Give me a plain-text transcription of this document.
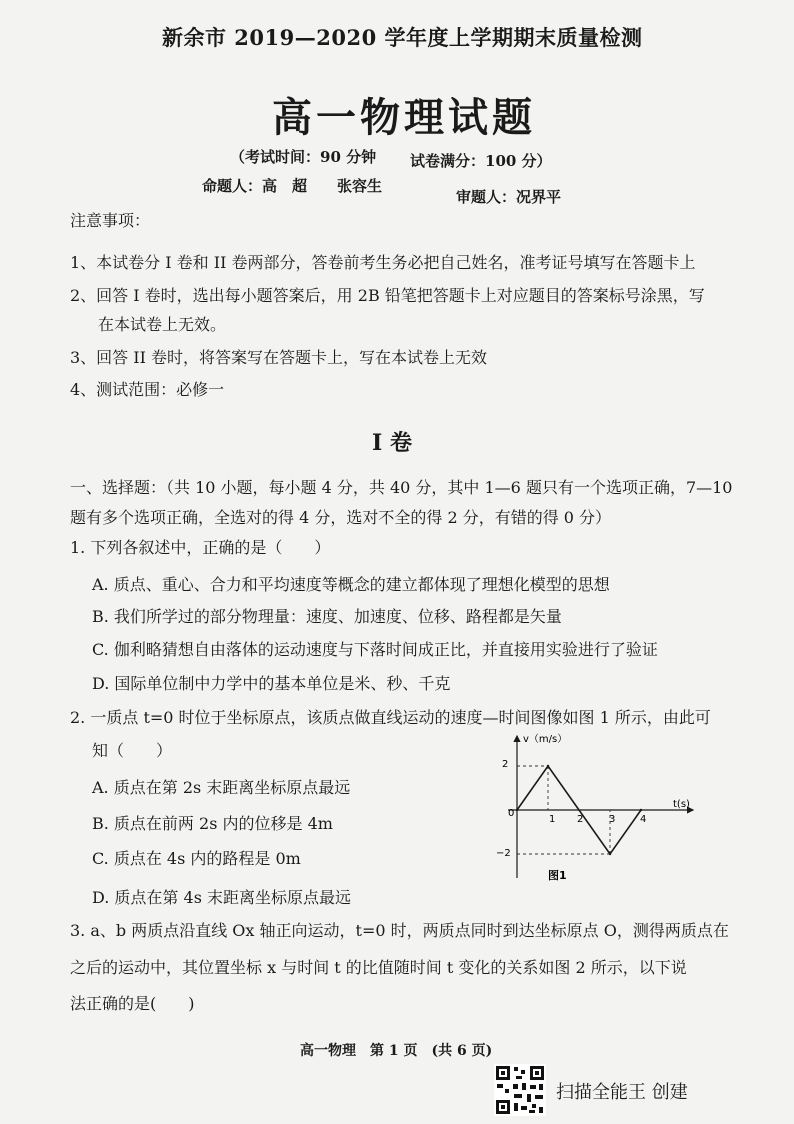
新余市 2019—2020 学年度上学期期末质量检测
高一物理试题
（考试时间：90 分钟 试卷满分：100 分）
命题人：高　超　　张容生
审题人：况界平
注意事项：
1、本试卷分 I 卷和 II 卷两部分，答卷前考生务必把自己姓名，准考证号填写在答题卡上
2、回答 I 卷时，选出每小题答案后，用 2B 铅笔把答题卡上对应题目的答案标号涂黑，写
在本试卷上无效。
3、回答 II 卷时，将答案写在答题卡上，写在本试卷上无效
4、测试范围：必修一
I 卷
一、选择题：（共 10 小题，每小题 4 分，共 40 分，其中 1—6 题只有一个选项正确，7—10
题有多个选项正确，全选对的得 4 分，选对不全的得 2 分，有错的得 0 分）
1. 下列各叙述中，正确的是（　　）
A. 质点、重心、合力和平均速度等概念的建立都体现了理想化模型的思想
B. 我们所学过的部分物理量：速度、加速度、位移、路程都是矢量
C. 伽利略猜想自由落体的运动速度与下落时间成正比，并直接用实验进行了验证
D. 国际单位制中力学中的基本单位是米、秒、千克
2. 一质点 t=0 时位于坐标原点，该质点做直线运动的速度—时间图像如图 1 所示，由此可
知（　　）
A. 质点在第 2s 末距离坐标原点最远
B. 质点在前两 2s 内的位移是 4m
C. 质点在 4s 内的路程是 0m
D. 质点在第 4s 末距离坐标原点最远
v（m/s）
t(s)
0
2
−2
1 2	3 4
图1
3. a、b 两质点沿直线 Ox 轴正向运动，t=0 时，两质点同时到达坐标原点 O，测得两质点在
之后的运动中，其位置坐标 x 与时间 t 的比值随时间 t 变化的关系如图 2 所示，以下说
法正确的是(　　)
高一物理　第 1 页　(共 6 页)
扫描全能王 创建
